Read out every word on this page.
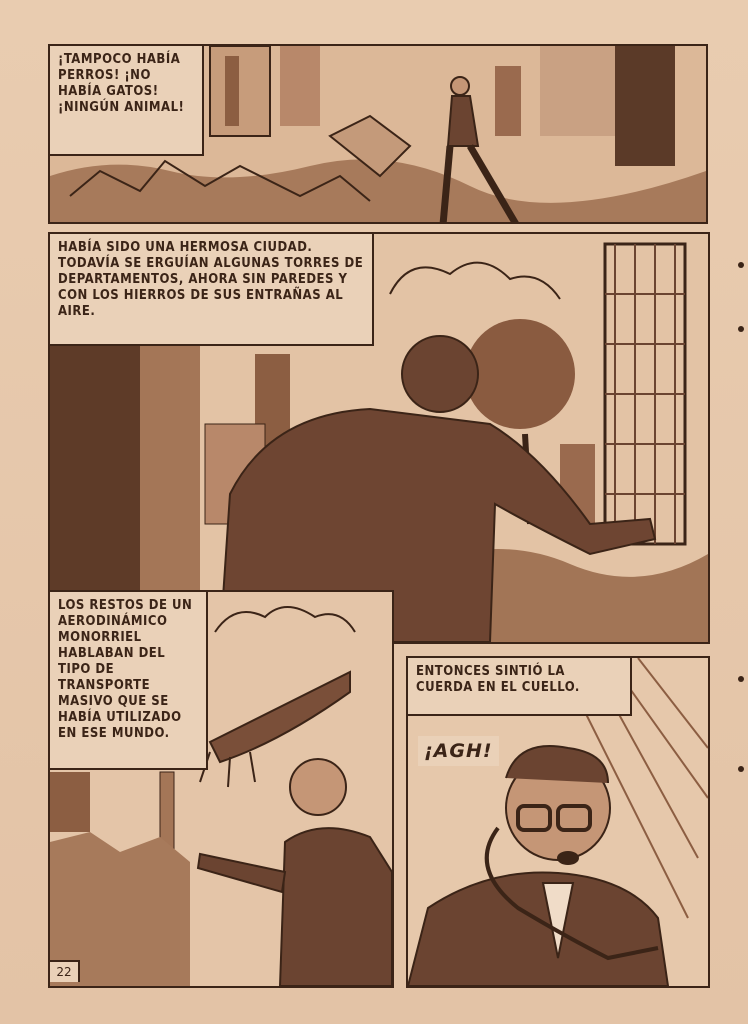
¡TAMPOCO HABÍA PERROS! ¡NO HABÍA GATOS! ¡NINGÚN ANIMAL!
HABÍA SIDO UNA HERMOSA CIUDAD. TODAVÍA SE ERGUÍAN ALGUNAS TORRES DE DEPARTAMENTOS, AHORA SIN PAREDES Y CON LOS HIERROS DE SUS ENTRAÑAS AL AIRE.
LOS RESTOS DE UN AERODINÁMICO MONORRIEL HABLABAN DEL TIPO DE TRANSPORTE MASIVO QUE SE HABÍA UTILIZADO EN ESE MUNDO.
ENTONCES SINTIÓ LA CUERDA EN EL CUELLO.
¡AGH!
22
